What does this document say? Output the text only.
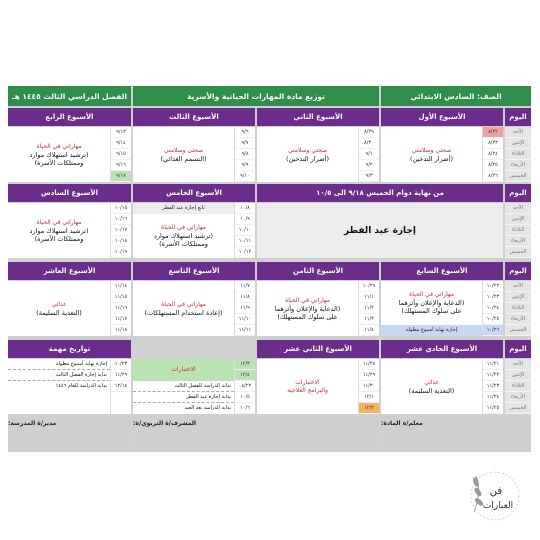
الصف: السادس الابتدائي
توزيع مادة المهارات الحياتية والأسرية
الفصل الدراسي الثالث ١٤٤٥ هـ
اليوم
الأسبوع الأول
الأسبوع الثاني
الأسبوع الثالث
الأسبوع الرابع
الأحد
الإثنين
الثلاثاء
الأربعاء
الخميس
٨/٢٢
٨/٢٣
٨/٢٤
٨/٢٥
٨/٢٦
صحتي وسلامتي
(أضرار التدخين)
٨/٢٩
٨/٣٠
٩/١
٩/٢
٩/٣
صحتي وسلامتي
(أضرار التدخين)
٩/٦
٩/٧
٩/٨
٩/٩
٩/١٠
صحتي وسلامتي
(التسمم الغذائي)
٩/١٣
٩/١٤
٩/١٥
٩/١٦
٩/١٧
مهاراتي في الحياة
(ترشيد استهلاك موارد
وممتلكات الأسرة)
اليوم
من نهاية دوام الخميس ٩/١٨ الى ١٠/٥
الأسبوع الخامس
الأسبوع السادس
الأحد
الإثنين
الثلاثاء
الأربعاء
الخميس
إجازة عيد الفطر
١٠/٨
١٠/٩
١٠/١٠
١٠/١١
١٠/١٢
تابع إجازة عيد الفطر
مهاراتي في الحياة
(ترشيد استهلاك موارد
وممتلكات الأسرة)
١٠/١٥
١٠/١٦
١٠/١٧
١٠/١٨
١٠/١٩
مهاراتي في الحياة
(ترشيد استهلاك موارد
وممتلكات الأسرة)
اليوم
الأسبوع السابع
الأسبوع الثامن
الأسبوع التاسع
الأسبوع العاشر
الأحد
الإثنين
الثلاثاء
الأربعاء
الخميس
١٠/٢٢
١٠/٢٣
١٠/٢٤
١٠/٢٥
١٠/٢٦
مهاراتي في الحياة
(الدعاية والإعلان وأثرهما
على سلوك المستهلك)
إجازة نهاية أسبوع مطولة
١٠/٢٩
١١/١
١١/٢
١١/٣
١١/٤
مهاراتي في الحياة
(الدعاية والإعلان وأثرهما
على سلوك المستهلك)
١١/٧
١١/٨
١١/٩
١١/١٠
١١/١١
مهاراتي في الحياة
(إعادة استخدام المستهلكات)
١١/١٤
١١/١٥
١١/١٦
١١/١٧
١١/١٨
غذائي
(التغذية السليمة)
اليوم
الأسبوع الحادي عشر
الأسبوع الثاني عشر
تواريخ مهمة
الأحد
الإثنين
الثلاثاء
الأربعاء
الخميس
١١/٢١
١١/٢٢
١١/٢٣
١١/٢٤
١١/٢٥
غذائي
(التغذية السليمة)
١١/٢٨
١١/٢٩
١١/٣٠
١٢/١
١٢/٢
الاختبارات
والبرامج العلاجية
١٢/٣
١٢/٤
٠٨/٢٢
١٠/٥
١٠/٦
الاختبارات
بداية الدراسة للفصل الثالث
بداية إجازة عيد الفطر
بداية الدراسة بعد العيد
١٠/٢٣
١١/٢٩
١٢/١٤
إجازة نهاية أسبوع مطولة
بداية إجازة الفصل الثالث
بداية الدراسة للعام ١٤٤٦
معلم/ة المادة:
المشرف/ة التربوي/ة:
مدير/ة المدرسة:
فن
العبارات
